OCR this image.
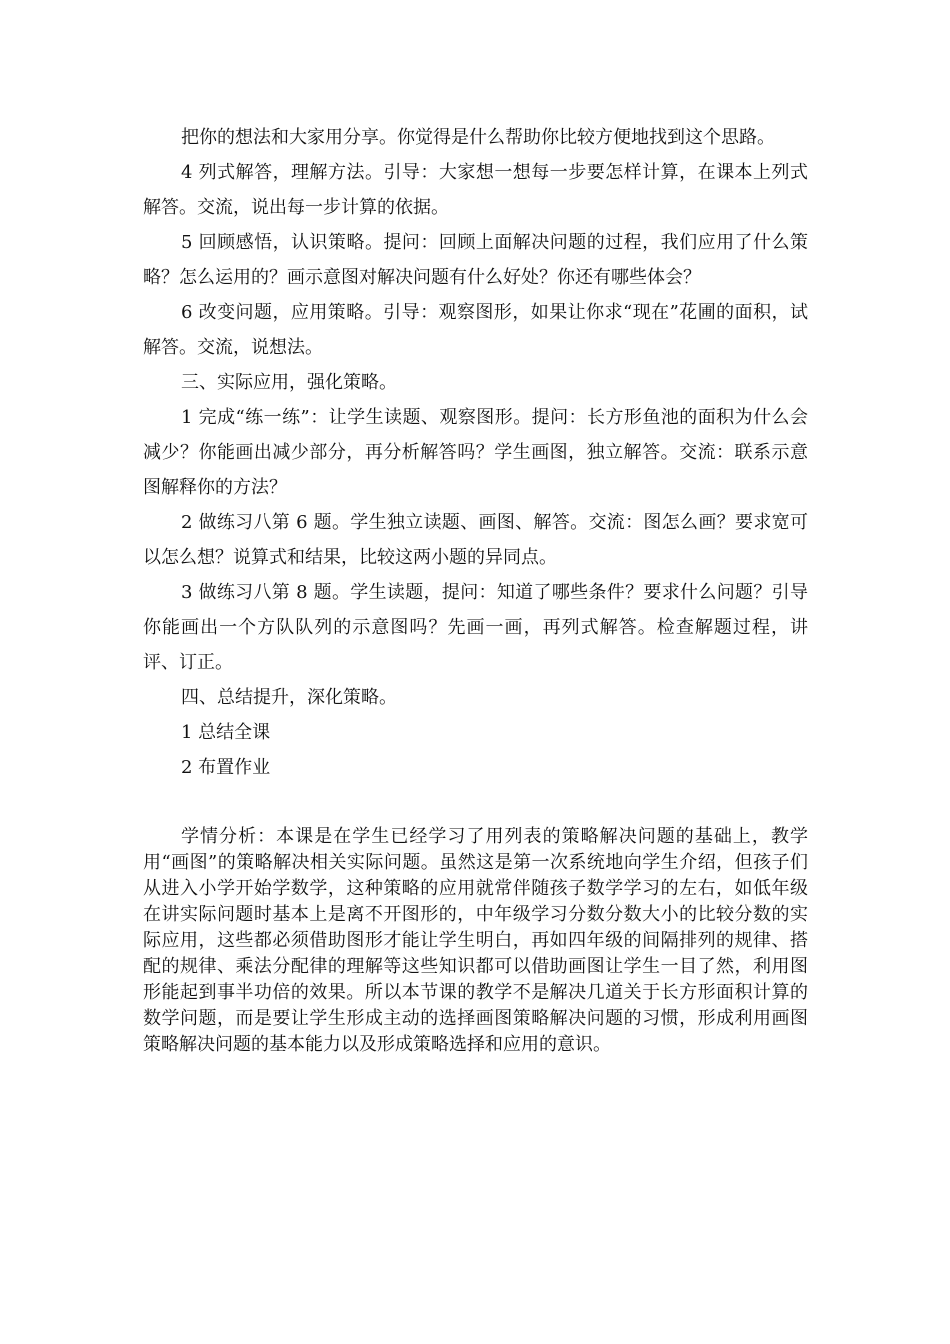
把你的想法和大家用分享。你觉得是什么帮助你比较方便地找到这个思路。

4 列式解答，理解方法。引导：大家想一想每一步要怎样计算，在课本上列式解答。交流，说出每一步计算的依据。

5 回顾感悟，认识策略。提问：回顾上面解决问题的过程，我们应用了什么策略？怎么运用的？画示意图对解决问题有什么好处？你还有哪些体会？

6 改变问题，应用策略。引导：观察图形，如果让你求“现在”花圃的面积，试解答。交流，说想法。

三、实际应用，强化策略。

1 完成“练一练”：让学生读题、观察图形。提问：长方形鱼池的面积为什么会减少？你能画出减少部分，再分析解答吗？学生画图，独立解答。交流：联系示意图解释你的方法？

2 做练习八第 6 题。学生独立读题、画图、解答。交流：图怎么画？要求宽可以怎么想？说算式和结果，比较这两小题的异同点。

3 做练习八第 8 题。学生读题，提问：知道了哪些条件？要求什么问题？引导你能画出一个方队队列的示意图吗？先画一画，再列式解答。检查解题过程，讲评、订正。

四、总结提升，深化策略。

1 总结全课

2 布置作业

学情分析：本课是在学生已经学习了用列表的策略解决问题的基础上，教学用“画图”的策略解决相关实际问题。虽然这是第一次系统地向学生介绍，但孩子们从进入小学开始学数学，这种策略的应用就常伴随孩子数学学习的左右，如低年级在讲实际问题时基本上是离不开图形的，中年级学习分数分数大小的比较分数的实际应用，这些都必须借助图形才能让学生明白，再如四年级的间隔排列的规律、搭配的规律、乘法分配律的理解等这些知识都可以借助画图让学生一目了然，利用图形能起到事半功倍的效果。所以本节课的教学不是解决几道关于长方形面积计算的数学问题，而是要让学生形成主动的选择画图策略解决问题的习惯，形成利用画图策略解决问题的基本能力以及形成策略选择和应用的意识。
